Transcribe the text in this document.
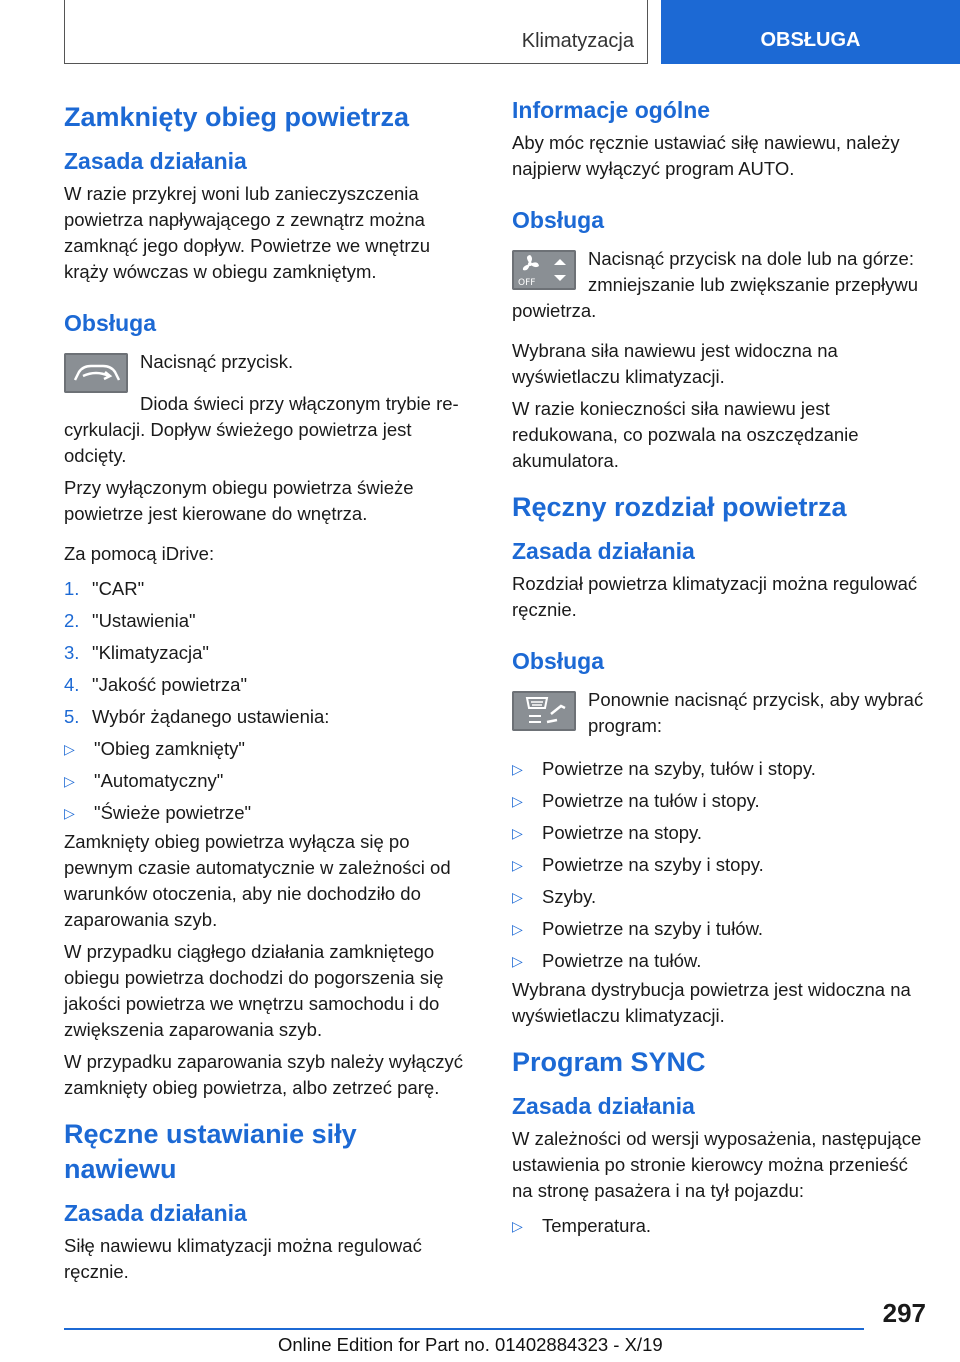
Klimatyzacja	OBSŁUGA
Zamknięty obieg powietrza
Zasada działania
W razie przykrej woni lub zanieczyszczenia powietrza napływającego z zewnątrz można zamknąć jego dopływ. Powietrze we wnętrzu krąży wówczas w obiegu zamkniętym.
Obsługa
Nacisnąć przycisk.
Dioda świeci przy włączonym trybie re-
cyrkulacji. Dopływ świeżego powietrza jest odcięty.
Przy wyłączonym obiegu powietrza świeże powietrze jest kierowane do wnętrza.
Za pomocą iDrive:
1. "CAR"
2. "Ustawienia"
3. "Klimatyzacja"
4. "Jakość powietrza"
5. Wybór żądanego ustawienia:
▷	"Obieg zamknięty"
▷	"Automatyczny"
▷	"Świeże powietrze"
Zamknięty obieg powietrza wyłącza się po pewnym czasie automatycznie w zależności od warunków otoczenia, aby nie dochodziło do zaparowania szyb.
W przypadku ciągłego działania zamkniętego obiegu powietrza dochodzi do pogorszenia się jakości powietrza we wnętrzu samochodu i do zwiększenia zaparowania szyb.
W przypadku zaparowania szyb należy wyłączyć zamknięty obieg powietrza, albo zetrzeć parę.
Ręczne ustawianie siły nawiewu
Zasada działania
Siłę nawiewu klimatyzacji można regulować ręcznie.
Informacje ogólne
Aby móc ręcznie ustawiać siłę nawiewu, należy najpierw wyłączyć program AUTO.
Obsługa
OFF
Nacisnąć przycisk na dole lub na górze: zmniejszanie lub zwiększanie przepływu
powietrza.
Wybrana siła nawiewu jest widoczna na wyświetlaczu klimatyzacji.
W razie konieczności siła nawiewu jest redukowana, co pozwala na oszczędzanie akumulatora.
Ręczny rozdział powietrza
Zasada działania
Rozdział powietrza klimatyzacji można regulować ręcznie.
Obsługa
Ponownie nacisnąć przycisk, aby wybrać program:
▷	Powietrze na szyby, tułów i stopy.
▷	Powietrze na tułów i stopy.
▷	Powietrze na stopy.
▷	Powietrze na szyby i stopy.
▷	Szyby.
▷	Powietrze na szyby i tułów.
▷	Powietrze na tułów.
Wybrana dystrybucja powietrza jest widoczna na wyświetlaczu klimatyzacji.
Program SYNC
Zasada działania
W zależności od wersji wyposażenia, następujące ustawienia po stronie kierowcy można przenieść na stronę pasażera i na tył pojazdu:
▷	Temperatura.
297
Online Edition for Part no. 01402884323 - X/19
